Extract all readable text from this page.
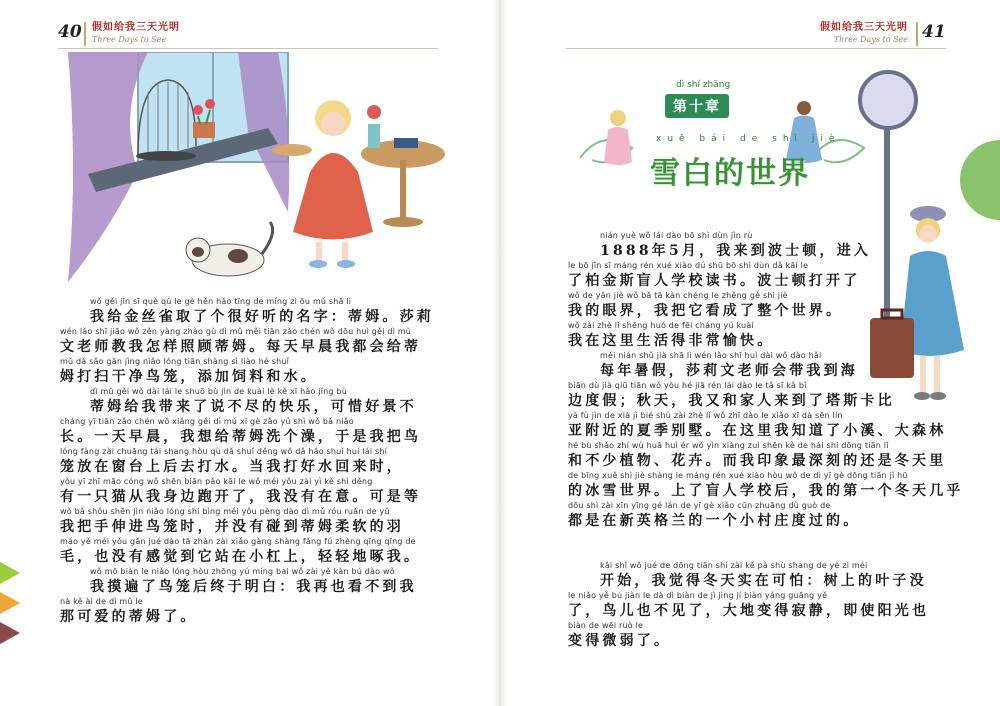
40 假如给我三天光明
Three Days to See
wǒ gěi jīn sī què qǔ le gè hěn hǎo tīng de míng zi ōu mǔ shā lì
我给金丝雀取了个很好听的名字：蒂姆。莎莉
wén lǎo shī jiāo wǒ zěn yàng zhào gù dì mǔ měi tiān zǎo chén wǒ dōu huì gěi dì mǔ
文老师教我怎样照顾蒂姆。每天早晨我都会给蒂
mǔ dǎ sǎo gān jìng niǎo lóng tiān shàng sì liào hé shuǐ
姆打扫干净鸟笼，添加饲料和水。
dì mǔ gěi wǒ dài lái le shuō bù jìn de kuài lè kě xī hǎo jǐng bù
蒂姆给我带来了说不尽的快乐，可惜好景不
cháng yī tiān zǎo chén wǒ xiǎng gěi dì mǔ xǐ gè zǎo yú shì wǒ bǎ niǎo
长。一天早晨，我想给蒂姆洗个澡，于是我把鸟
lóng fàng zài chuāng tái shang hòu qù dǎ shuǐ děng wǒ dǎ hǎo shuǐ huí lái shí
笼放在窗台上后去打水。当我打好水回来时，
yǒu yī zhī māo cóng wǒ shēn biān pǎo kāi le wǒ méi yǒu zài yì kě shì děng
有一只猫从我身边跑开了，我没有在意。可是等
wǒ bǎ shǒu shēn jìn niǎo lóng shí bìng méi yǒu pèng dào dì mǔ róu ruǎn de yǔ
我把手伸进鸟笼时，并没有碰到蒂姆柔软的羽
máo yě méi yǒu gǎn jué dào tā zhàn zài xiǎo gàng shàng fǎng fú zhèng qīng qīng de
毛，也没有感觉到它站在小杠上，轻轻地啄我。
wǒ mō biàn le niǎo lóng hòu zhōng yú míng bai wǒ zài yě kàn bú dào wǒ
我摸遍了鸟笼后终于明白：我再也看不到我
nà kě ài de dì mǔ le
那可爱的蒂姆了。
假如给我三天光明
Three Days to See 41
dì shí zhāng
第十章
xuě bái de shì jiè
雪白的世界
nián yuè wǒ lái dào bō shì dùn jìn rù
1888年5月，我来到波士顿，进入
le bō jīn sī máng rén xué xiào dú shū bō shì dùn dǎ kāi le
了柏金斯盲人学校读书。波士顿打开了
wǒ de yǎn jiè wǒ bǎ tā kàn chéng le zhěng gè shì jiè
我的眼界，我把它看成了整个世界。
wǒ zài zhè lǐ shēng huó de fēi cháng yú kuài
我在这里生活得非常愉快。
měi nián shǔ jià shā lì wén lǎo shī huì dài wǒ dào hǎi
每年暑假，莎莉文老师会带我到海
biān dù jià qiū tiān wǒ yòu hé jiā rén lái dào le tǎ sī kǎ bǐ
边度假；秋天，我又和家人来到了塔斯卡比
yà fù jìn de xià jì bié shù zài zhè lǐ wǒ zhī dào le xiǎo xī dà sēn lín
亚附近的夏季别墅。在这里我知道了小溪、大森林
hé bù shǎo zhí wù huā huì ér wǒ yìn xiàng zuì shēn kè de hái shi dōng tiān lǐ
和不少植物、花卉。而我印象最深刻的还是冬天里
de bīng xuě shì jiè shàng le máng rén xué xiào hòu wǒ de dì yī gè dōng tiān jǐ hū
的冰雪世界。上了盲人学校后，我的第一个冬天几乎
dōu shì zài xīn yīng gé lán de yī gè xiǎo cūn zhuāng dù guò de
都是在新英格兰的一个小村庄度过的。
kāi shǐ wǒ jué de dōng tiān shí zài kě pà shù shang de yè zi méi
开始，我觉得冬天实在可怕：树上的叶子没
le niǎo yě bú jiàn le dà dì biàn de jì jìng jí biàn yáng guāng yě
了，鸟儿也不见了，大地变得寂静，即使阳光也
biàn de wēi ruò le
变得微弱了。
